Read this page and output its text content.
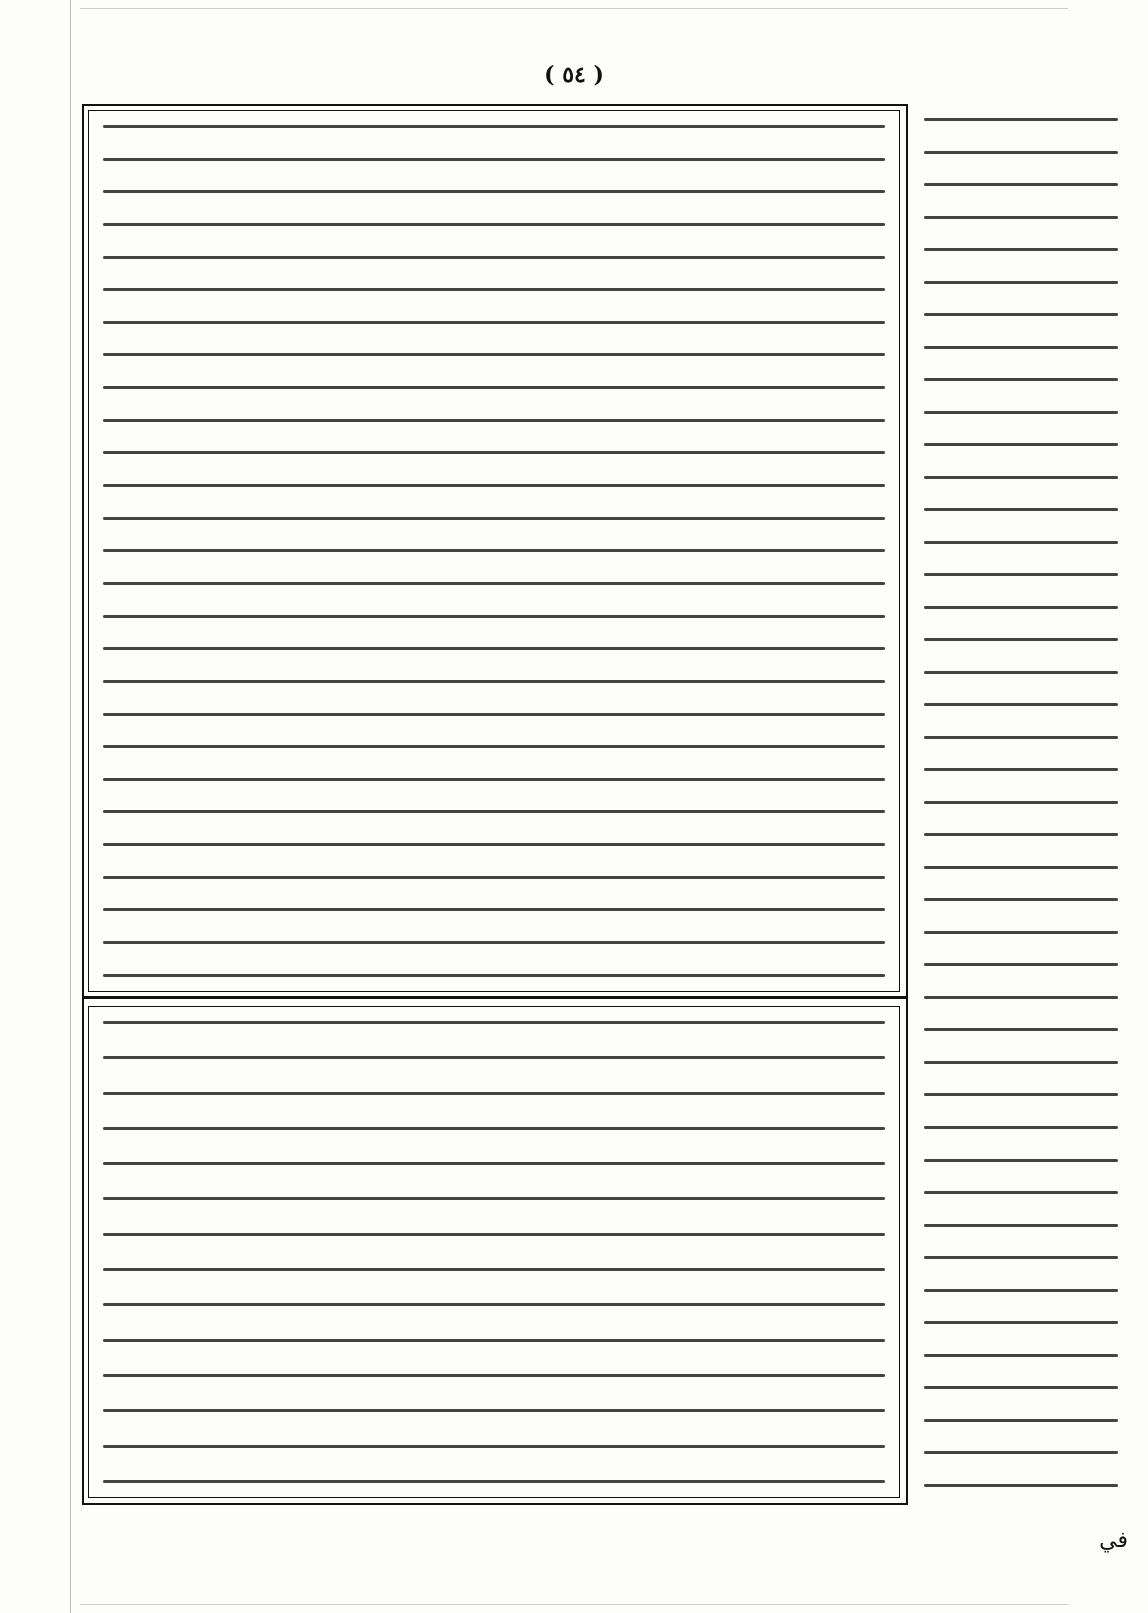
( ٥٤ )
في
